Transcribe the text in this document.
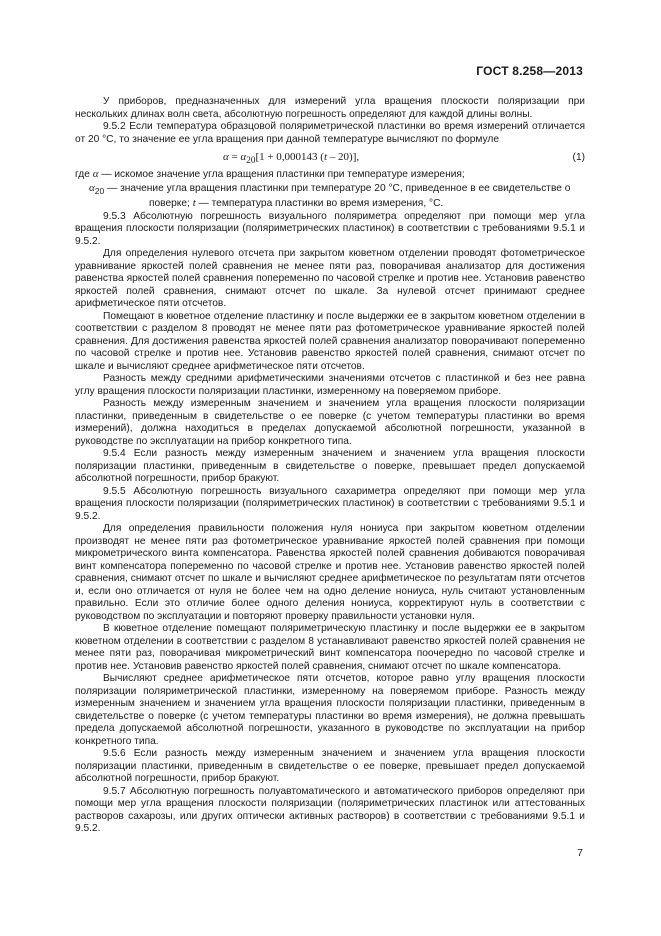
ГОСТ 8.258—2013

У приборов, предназначенных для измерений угла вращения плоскости поляризации при нескольких длинах волн света, абсолютную погрешность определяют для каждой длины волны.

9.5.2 Если температура образцовой поляриметрической пластинки во время измерений отличается от 20 °С, то значение ее угла вращения при данной температуре вычисляют по формуле

$\alpha = \alpha_{20}[1 + 0,000143$ (t – 20)],	(1)

где α — искомое значение угла вращения пластинки при температуре измерения;

$\alpha_{20}$ — значение угла вращения пластинки при температуре 20 °С, приведенное в ее свидетельстве о

поверке; t — температура пластинки во время измерения, °С.

9.5.3 Абсолютную погрешность визуального поляриметра определяют при помощи мер угла вращения плоскости поляризации (поляриметрических пластинок) в соответствии с требованиями 9.5.1 и 9.5.2.

Для определения нулевого отсчета при закрытом кюветном отделении проводят фотометрическое уравнивание яркостей полей сравнения не менее пяти раз, поворачивая анализатор для достижения равенства яркостей полей сравнения попеременно по часовой стрелке и против нее. Установив равенство яркостей полей сравнения, снимают отсчет по шкале. За нулевой отсчет принимают среднее арифметическое пяти отсчетов.

Помещают в кюветное отделение пластинку и после выдержки ее в закрытом кюветном отделении в соответствии с разделом 8 проводят не менее пяти раз фотометрическое уравнивание яркостей полей сравнения. Для достижения равенства яркостей полей сравнения анализатор поворачивают попеременно по часовой стрелке и против нее. Установив равенство яркостей полей сравнения, снимают отсчет по шкале и вычисляют среднее арифметическое пяти отсчетов.

Разность между средними арифметическими значениями отсчетов с пластинкой и без нее равна углу вращения плоскости поляризации пластинки, измеренному на поверяемом приборе.

Разность между измеренным значением и значением угла вращения плоскости поляризации пластинки, приведенным в свидетельстве о ее поверке (с учетом температуры пластинки во время измерений), должна находиться в пределах допускаемой абсолютной погрешности, указанной в руководстве по эксплуатации на прибор конкретного типа.

9.5.4 Если разность между измеренным значением и значением угла вращения плоскости поляризации пластинки, приведенным в свидетельстве о поверке, превышает предел допускаемой абсолютной погрешности, прибор бракуют.

9.5.5 Абсолютную погрешность визуального сахариметра определяют при помощи мер угла вращения плоскости поляризации (поляриметрических пластинок) в соответствии с требованиями 9.5.1 и 9.5.2.

Для определения правильности положения нуля нониуса при закрытом кюветном отделении производят не менее пяти раз фотометрическое уравнивание яркостей полей сравнения при помощи микрометрического винта компенсатора. Равенства яркостей полей сравнения добиваются поворачивая винт компенсатора попеременно по часовой стрелке и против нее. Установив равенство яркостей полей сравнения, снимают отсчет по шкале и вычисляют среднее арифметическое по результатам пяти отсчетов и, если оно отличается от нуля не более чем на одно деление нониуса, нуль считают установленным правильно. Если это отличие более одного деления нониуса, корректируют нуль в соответствии с руководством по эксплуатации и повторяют проверку правильности установки нуля.

В кюветное отделение помещают поляриметрическую пластинку и после выдержки ее в закрытом кюветном отделении в соответствии с разделом 8 устанавливают равенство яркостей полей сравнения не менее пяти раз, поворачивая микрометрический винт компенсатора поочередно по часовой стрелке и против нее. Установив равенство яркостей полей сравнения, снимают отсчет по шкале компенсатора.

Вычисляют среднее арифметическое пяти отсчетов, которое равно углу вращения плоскости поляризации поляриметрической пластинки, измеренному на поверяемом приборе. Разность между измеренным значением и значением угла вращения плоскости поляризации пластинки, приведенным в свидетельстве о поверке (с учетом температуры пластинки во время измерения), не должна превышать предела допускаемой абсолютной погрешности, указанного в руководстве по эксплуатации на прибор конкретного типа.

9.5.6 Если разность между измеренным значением и значением угла вращения плоскости поляризации пластинки, приведенным в свидетельстве о ее поверке, превышает предел допускаемой абсолютной погрешности, прибор бракуют.

9.5.7 Абсолютную погрешность полуавтоматического и автоматического приборов определяют при помощи мер угла вращения плоскости поляризации (поляриметрических пластинок или аттестованных растворов сахарозы, или других оптически активных растворов) в соответствии с требованиями 9.5.1 и 9.5.2.

7
